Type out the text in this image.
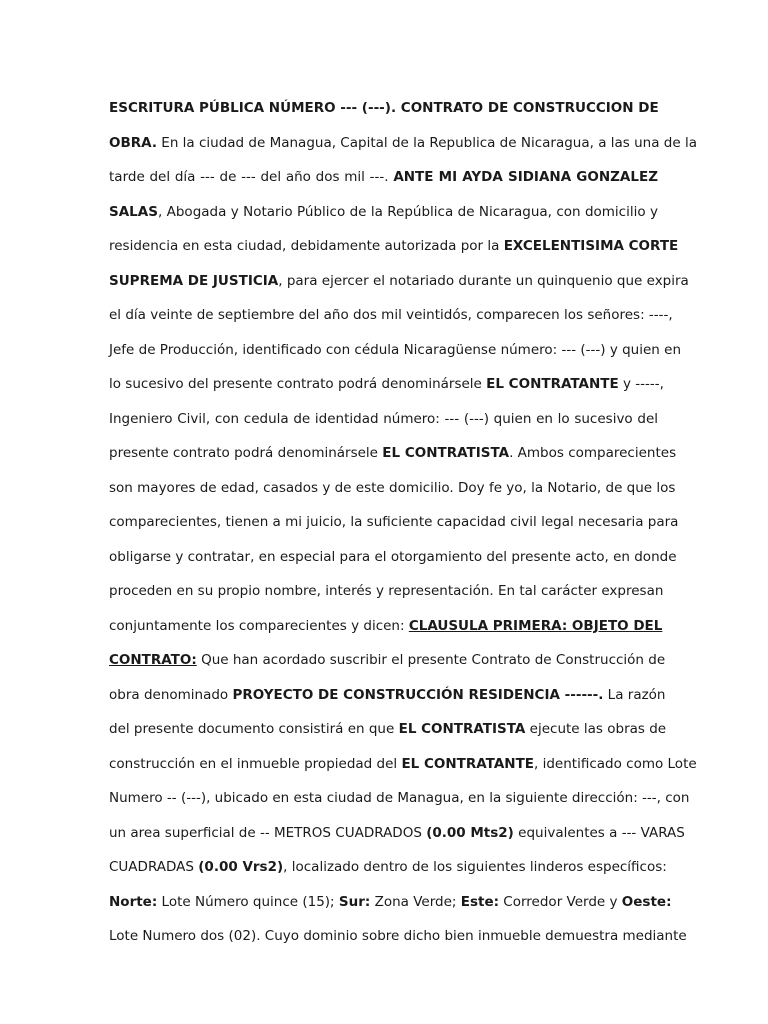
ESCRITURA PÚBLICA NÚMERO --- (---). CONTRATO DE CONSTRUCCION DE
OBRA. En la ciudad de Managua, Capital de la Republica de Nicaragua, a las una de la
tarde del día --- de --- del año dos mil ---. ANTE MI AYDA SIDIANA GONZALEZ
SALAS, Abogada y Notario Público de la República de Nicaragua, con domicilio y
residencia en esta ciudad, debidamente autorizada por la EXCELENTISIMA CORTE
SUPREMA DE JUSTICIA, para ejercer el notariado durante un quinquenio que expira
el día veinte de septiembre del año dos mil veintidós, comparecen los señores: ----,
Jefe de Producción, identificado con cédula Nicaragüense número: --- (---) y quien en
lo sucesivo del presente contrato podrá denominársele EL CONTRATANTE y -----,
Ingeniero Civil, con cedula de identidad número: --- (---) quien en lo sucesivo del
presente contrato podrá denominársele EL CONTRATISTA. Ambos comparecientes
son mayores de edad, casados y de este domicilio. Doy fe yo, la Notario, de que los
comparecientes, tienen a mi juicio, la suficiente capacidad civil legal necesaria para
obligarse y contratar, en especial para el otorgamiento del presente acto, en donde
proceden en su propio nombre, interés y representación. En tal carácter expresan
conjuntamente los comparecientes y dicen: CLAUSULA PRIMERA: OBJETO DEL
CONTRATO: Que han acordado suscribir el presente Contrato de Construcción de
obra denominado PROYECTO DE CONSTRUCCIÓN RESIDENCIA ------. La razón
del presente documento consistirá en que EL CONTRATISTA ejecute las obras de
construcción en el inmueble propiedad del EL CONTRATANTE, identificado como Lote
Numero -- (---), ubicado en esta ciudad de Managua, en la siguiente dirección: ---, con
un area superficial de -- METROS CUADRADOS (0.00 Mts2) equivalentes a --- VARAS
CUADRADAS (0.00 Vrs2), localizado dentro de los siguientes linderos específicos:
Norte: Lote Número quince (15); Sur: Zona Verde; Este: Corredor Verde y Oeste:
Lote Numero dos (02). Cuyo dominio sobre dicho bien inmueble demuestra mediante
